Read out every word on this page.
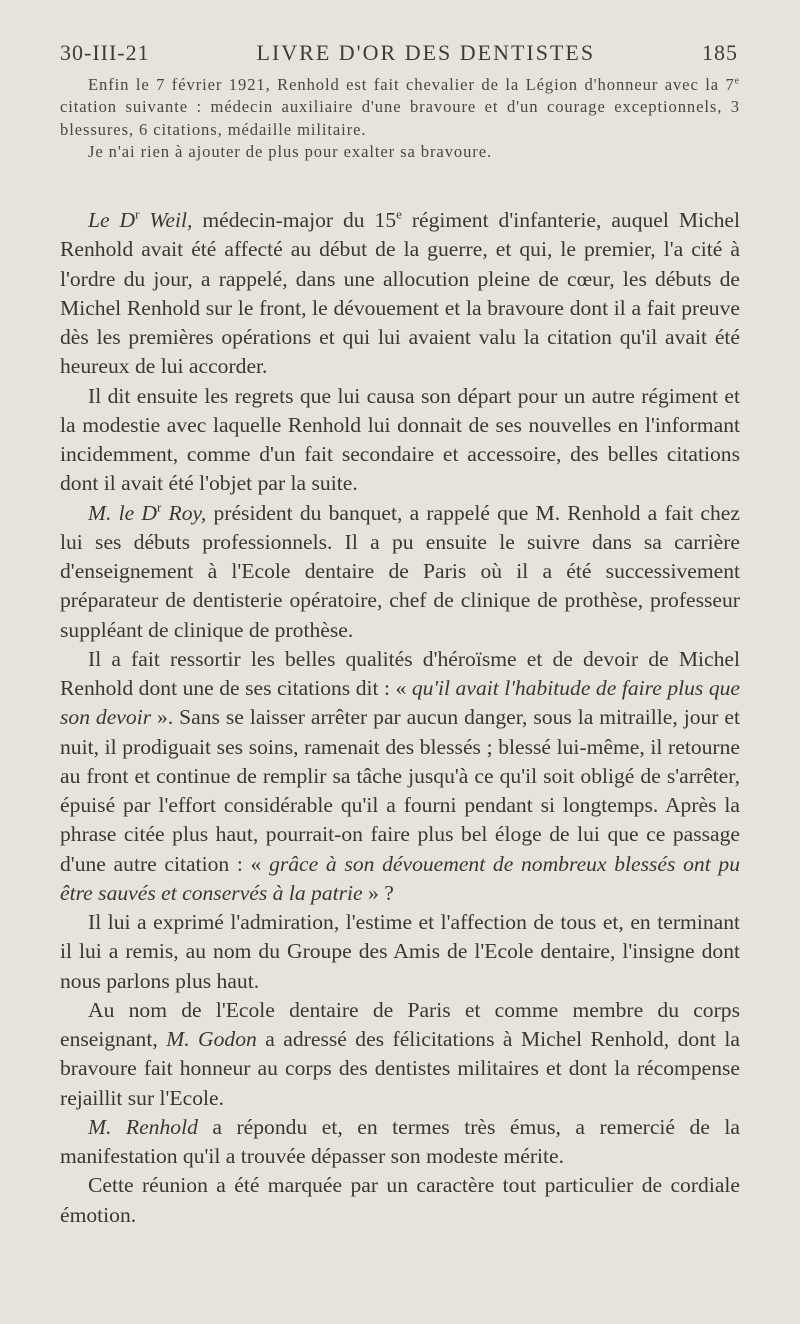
30-III-21	LIVRE D'OR DES DENTISTES	185

Enfin le 7 février 1921, Renhold est fait chevalier de la Légion d'honneur avec la 7e citation suivante : médecin auxiliaire d'une bravoure et d'un courage exceptionnels, 3 blessures, 6 citations, médaille militaire.

Je n'ai rien à ajouter de plus pour exalter sa bravoure.

Le $D^r$ Weil, médecin-major du 15e régiment d'infanterie, auquel Michel Renhold avait été affecté au début de la guerre, et qui, le premier, l'a cité à l'ordre du jour, a rappelé, dans une allocution pleine de cœur, les débuts de Michel Renhold sur le front, le dévouement et la bravoure dont il a fait preuve dès les premières opérations et qui lui avaient valu la citation qu'il avait été heureux de lui accorder.

Il dit ensuite les regrets que lui causa son départ pour un autre régiment et la modestie avec laquelle Renhold lui donnait de ses nouvelles en l'informant incidemment, comme d'un fait secondaire et accessoire, des belles citations dont il avait été l'objet par la suite.

M. le $D^r$ Roy, président du banquet, a rappelé que M. Renhold a fait chez lui ses débuts professionnels. Il a pu ensuite le suivre dans sa carrière d'enseignement à l'Ecole dentaire de Paris où il a été successivement préparateur de dentisterie opératoire, chef de clinique de prothèse, professeur suppléant de clinique de prothèse.

Il a fait ressortir les belles qualités d'héroïsme et de devoir de Michel Renhold dont une de ses citations dit : « qu'il avait l'habitude de faire plus que son devoir ». Sans se laisser arrêter par aucun danger, sous la mitraille, jour et nuit, il prodiguait ses soins, ramenait des blessés ; blessé lui-même, il retourne au front et continue de remplir sa tâche jusqu'à ce qu'il soit obligé de s'arrêter, épuisé par l'effort considérable qu'il a fourni pendant si longtemps. Après la phrase citée plus haut, pourrait-on faire plus bel éloge de lui que ce passage d'une autre citation : « grâce à son dévouement de nombreux blessés ont pu être sauvés et conservés à la patrie » ?

Il lui a exprimé l'admiration, l'estime et l'affection de tous et, en terminant il lui a remis, au nom du Groupe des Amis de l'Ecole dentaire, l'insigne dont nous parlons plus haut.

Au nom de l'Ecole dentaire de Paris et comme membre du corps enseignant, M. Godon a adressé des félicitations à Michel Renhold, dont la bravoure fait honneur au corps des dentistes militaires et dont la récompense rejaillit sur l'Ecole.

M. Renhold a répondu et, en termes très émus, a remercié de la manifestation qu'il a trouvée dépasser son modeste mérite.

Cette réunion a été marquée par un caractère tout particulier de cordiale émotion.
